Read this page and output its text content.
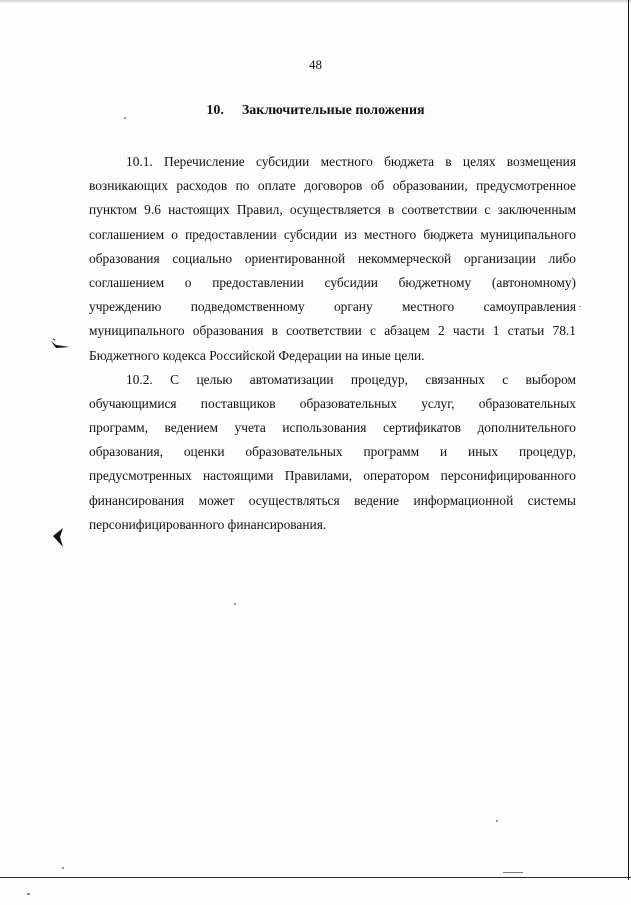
48
10. Заключительные положения
10.1. Перечисление субсидии местного бюджета в целях возмещения
возникающих расходов по оплате договоров об образовании, предусмотренное
пунктом 9.6 настоящих Правил, осуществляется в соответствии с заключенным
соглашением о предоставлении субсидии из местного бюджета муниципального
образования социально ориентированной некоммерческой организации либо
соглашением о предоставлении субсидии бюджетному (автономному)
учреждению подведомственному органу местного самоуправления
муниципального образования в соответствии с абзацем 2 части 1 статьи 78.1
Бюджетного кодекса Российской Федерации на иные цели.
10.2. С целью автоматизации процедур, связанных с выбором
обучающимися поставщиков образовательных услуг, образовательных
программ, ведением учета использования сертификатов дополнительного
образования, оценки образовательных программ и иных процедур,
предусмотренных настоящими Правилами, оператором персонифицированного
финансирования может осуществляться ведение информационной системы
персонифицированного финансирования.
